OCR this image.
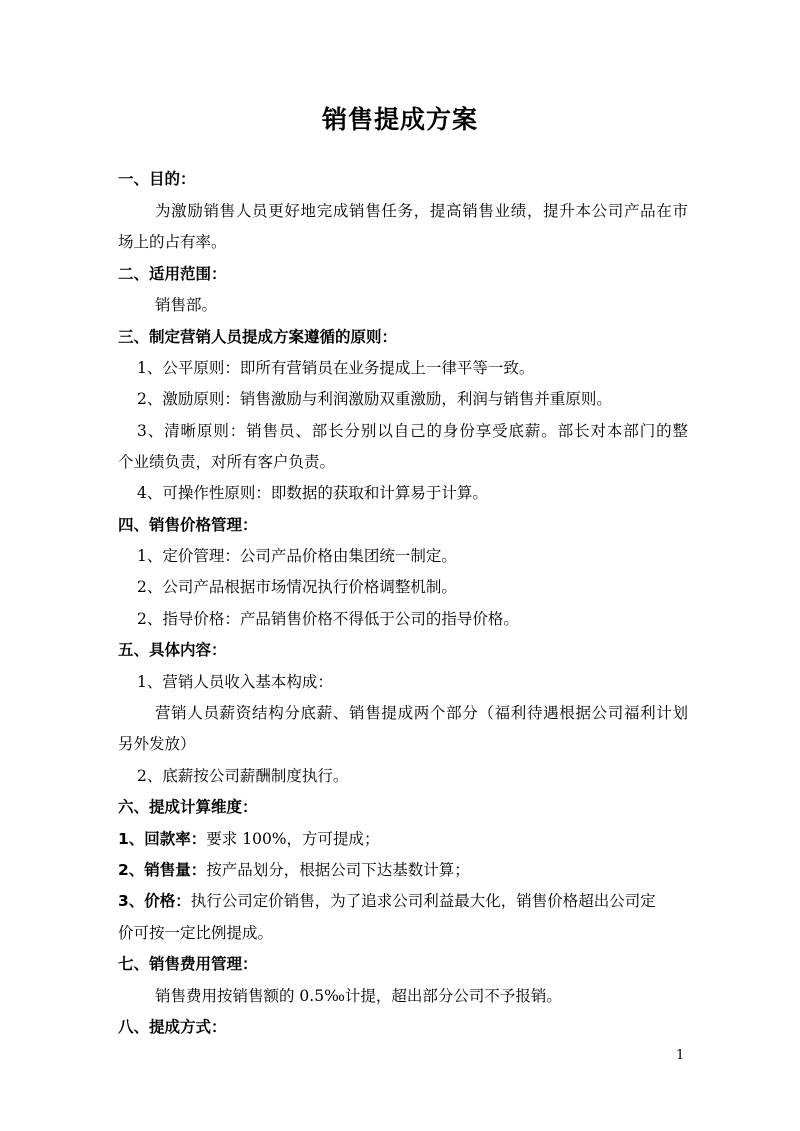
销售提成方案
一、目的：
为激励销售人员更好地完成销售任务，提高销售业绩，提升本公司产品在市
场上的占有率。
二、适用范围：
销售部。
三、制定营销人员提成方案遵循的原则：
1、公平原则：即所有营销员在业务提成上一律平等一致。
2、激励原则：销售激励与利润激励双重激励，利润与销售并重原则。
3、清晰原则：销售员、部长分别以自己的身份享受底薪。部长对本部门的整
个业绩负责，对所有客户负责。
4、可操作性原则：即数据的获取和计算易于计算。
四、销售价格管理：
1、定价管理：公司产品价格由集团统一制定。
2、公司产品根据市场情况执行价格调整机制。
2、指导价格：产品销售价格不得低于公司的指导价格。
五、具体内容：
1、营销人员收入基本构成：
营销人员薪资结构分底薪、销售提成两个部分（福利待遇根据公司福利计划
另外发放）
2、底薪按公司薪酬制度执行。
六、提成计算维度：
1、回款率：要求 100%，方可提成；
2、销售量：按产品划分，根据公司下达基数计算；
3、价格：执行公司定价销售，为了追求公司利益最大化，销售价格超出公司定
价可按一定比例提成。
七、销售费用管理：
销售费用按销售额的 0.5‰计提，超出部分公司不予报销。
八、提成方式：
1
